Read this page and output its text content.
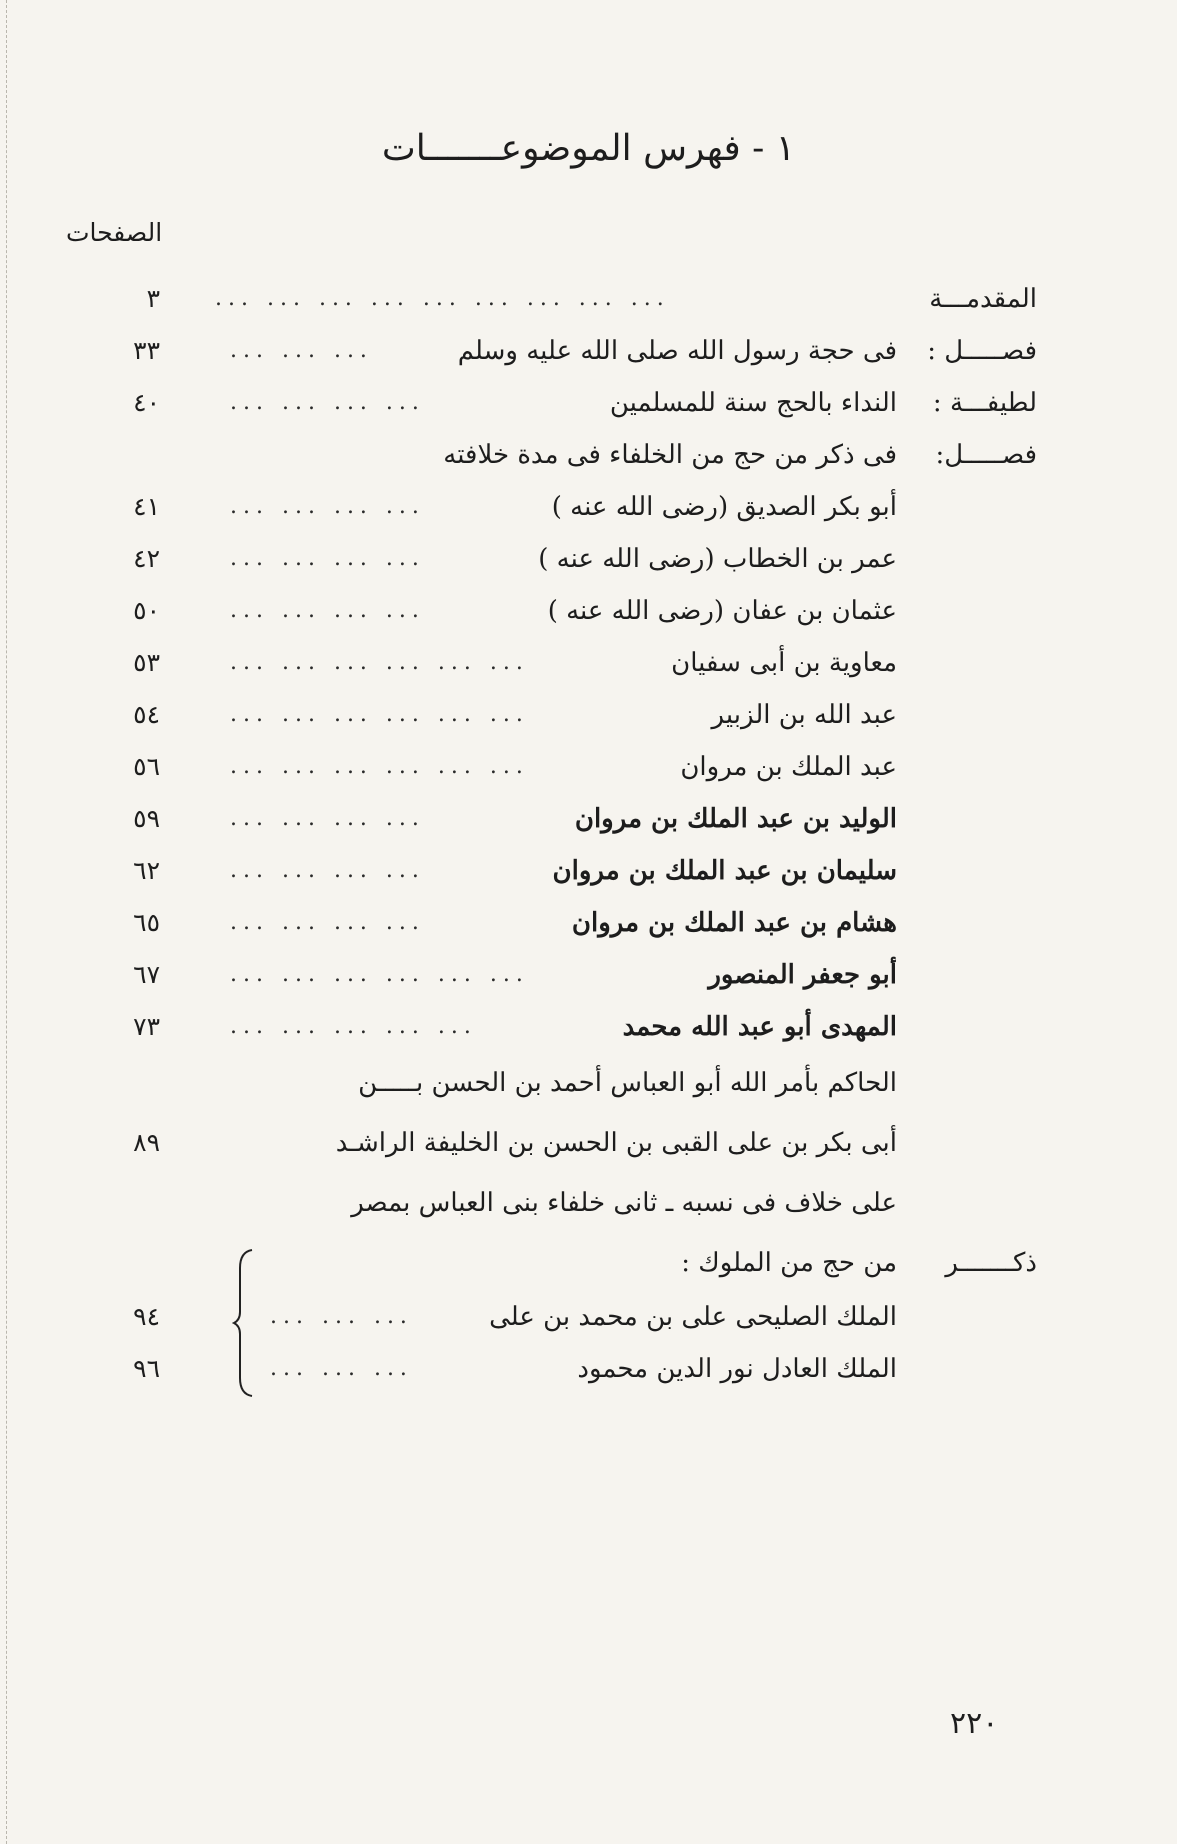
١ - فهرس الموضوعـــــــات
الصفحات
المقدمـــة
... ... ... ... ... ... ... ... ...
٣
فصـــــل :
فى حجة رسول الله صلى الله عليه وسلم
... ... ...
٣٣
لطيفـــة :
النداء بالحج سنة للمسلمين
... ... ... ...
٤٠
فصـــــل:
فى ذكر من حج من الخلفاء فى مدة خلافته
أبو بكر الصديق (رضى الله عنه )
... ... ... ...
٤١
عمر بن الخطاب (رضى الله عنه )
... ... ... ...
٤٢
عثمان بن عفان (رضى الله عنه )
... ... ... ...
٥٠
معاوية بن أبى سفيان
... ... ... ... ... ...
٥٣
عبد الله بن الزبير
... ... ... ... ... ...
٥٤
عبد الملك بن مروان
... ... ... ... ... ...
٥٦
الوليد بن عبد الملك بن مروان
... ... ... ...
٥٩
سليمان بن عبد الملك بن مروان
... ... ... ...
٦٢
هشام بن عبد الملك بن مروان
... ... ... ...
٦٥
أبو جعفر المنصور
... ... ... ... ... ...
٦٧
المهدى أبو عبد الله محمد
... ... ... ... ...
٧٣
الحاكم بأمر الله أبو العباس أحمد بن الحسن بـــــن
أبى بكر بن على القبى بن الحسن بن الخليفة الراشـد
٨٩
على خلاف فى نسبه ـ ثانى خلفاء بنى العباس بمصر
ذكـــــــر
من حج من الملوك :
الملك الصليحى على بن محمد بن على
... ... ...
٩٤
الملك العادل نور الدين محمود
... ... ...
٩٦
٢٢٠
